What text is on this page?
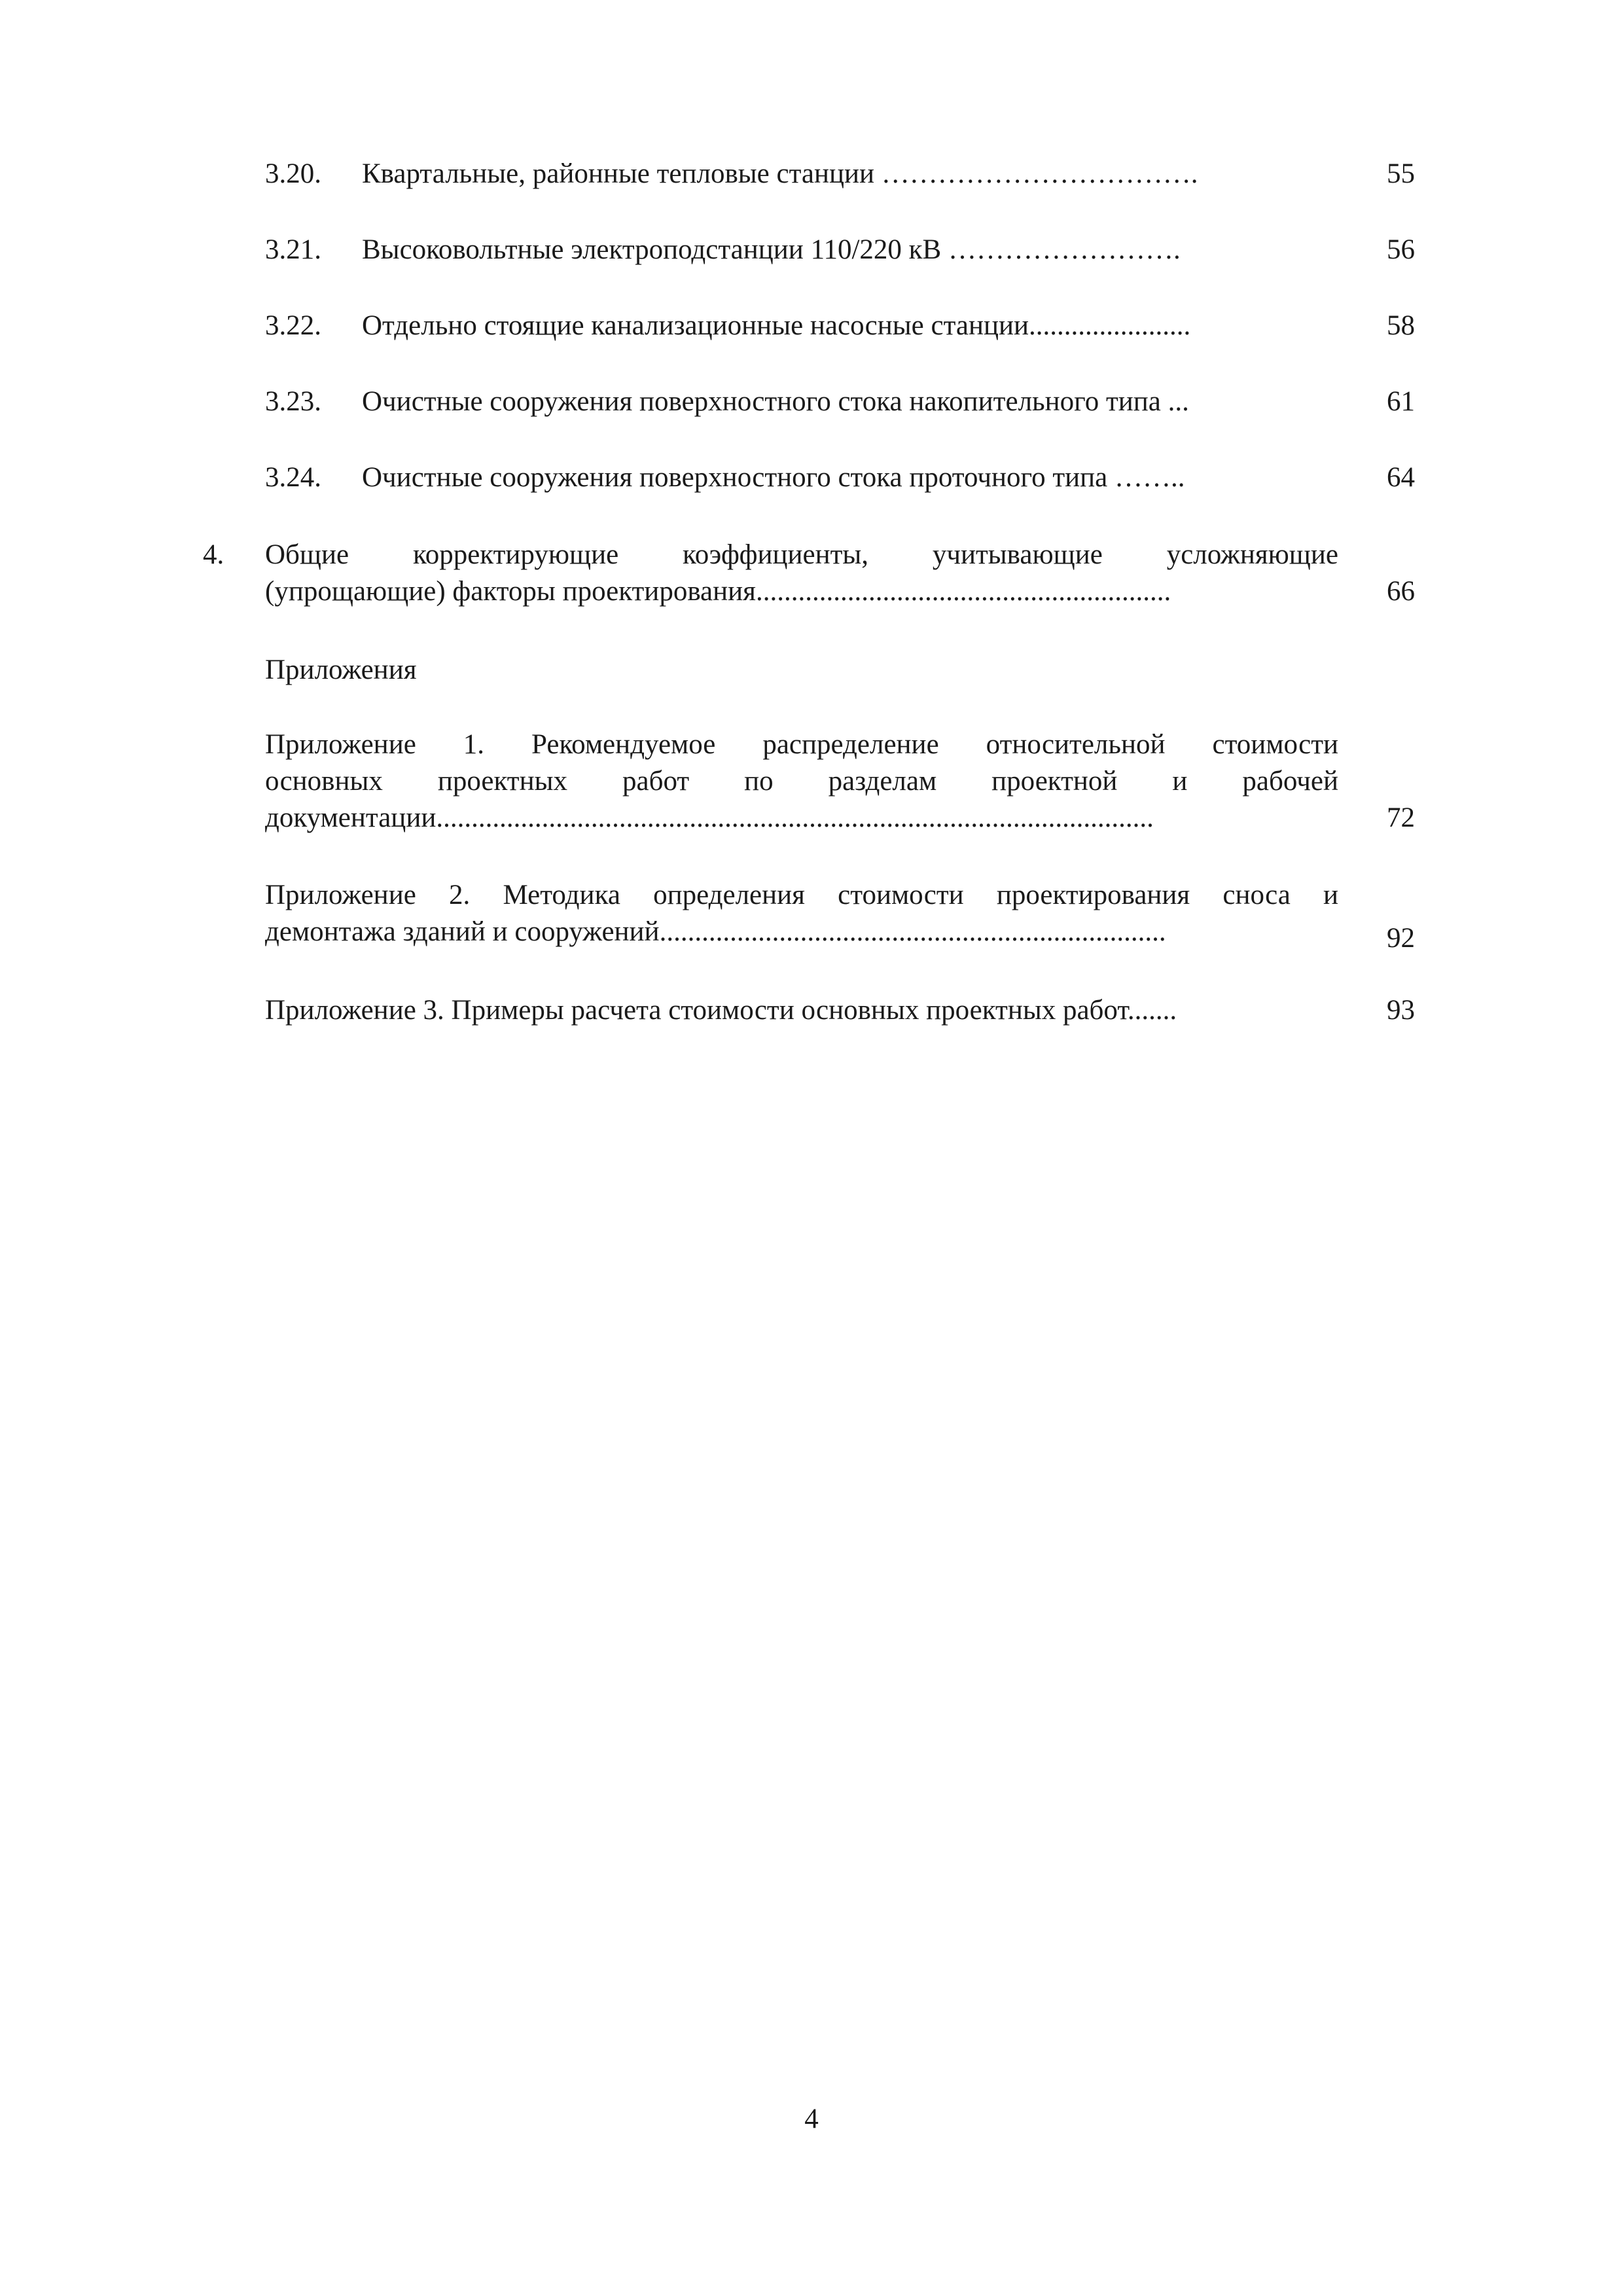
3.20. Квартальные, районные тепловые станции …………………………….	55
3.21. Высоковольтные электроподстанции 110/220 кВ …………………….	56
3.22. Отдельно стоящие канализационные насосные станции.......................	58
3.23. Очистные сооружения поверхностного стока накопительного типа ...	61
3.24. Очистные сооружения поверхностного стока проточного типа ……..	64
4. Общие корректирующие коэффициенты, учитывающие усложняющие
(упрощающие) факторы проектирования...........................................................	66
Приложения
Приложение 1. Рекомендуемое распределение относительной стоимости
основных проектных работ по разделам проектной и рабочей
документации......................................................................................................	72
Приложение 2. Методика определения стоимости проектирования сноса и
демонтажа зданий и сооружений........................................................................	92
Приложение 3. Примеры расчета стоимости основных проектных работ.......	93
4
